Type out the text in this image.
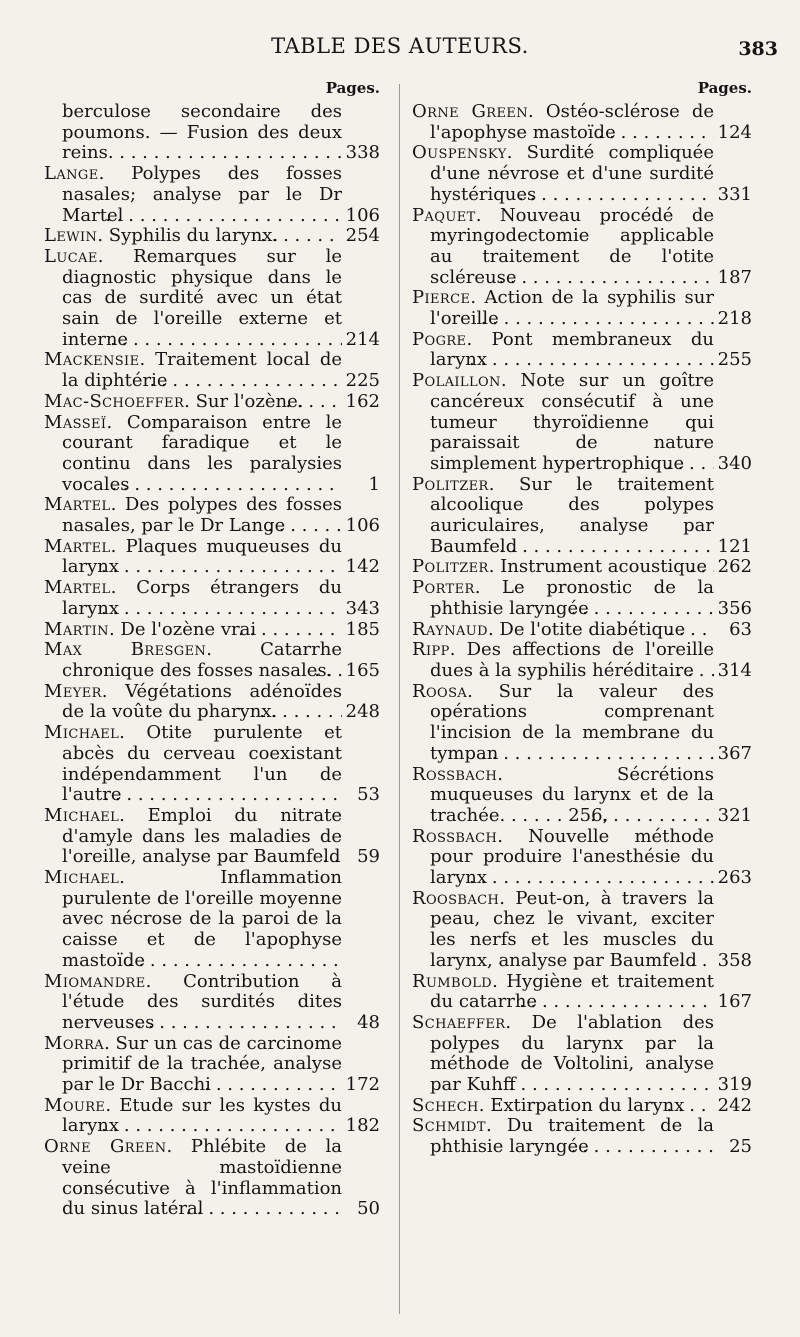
TABLE DES AUTEURS.	383
Pages.
berculose secondaire des poumons. — Fusion des deux reins . . .	338
Lange. Polypes des fosses nasales; analyse par le Dr Martel . . .	106
Lewin. Syphilis du larynx. . . .	254
Lucae. Remarques sur le diagnostic physique dans le cas de surdité avec un état sain de l'oreille externe et interne . . .	214
Mackensie. Traitement local de la diphtérie . . .	225
Mac-Schoeffer. Sur l'ozène. . . .	162
Masseï. Comparaison entre le courant faradique et le continu dans les paralysies vocales . . .	1
Martel. Des polypes des fosses nasales, par le Dr Lange . . .	106
Martel. Plaques muqueuses du larynx . . .	142
Martel. Corps étrangers du larynx . . .	343
Martin. De l'ozène vrai . . .	185
Max Bresgen. Catarrhe chronique des fosses nasales. . . . 165
Meyer. Végétations adénoïdes de la voûte du pharynx. . . .	248
Michael. Otite purulente et abcès du cerveau coexistant indépendamment l'un de l'autre . . .	53
Michael. Emploi du nitrate d'amyle dans les maladies de l'oreille, analyse par Baumfeld . . . 59
Michael. Inflammation purulente de l'oreille moyenne avec nécrose de la paroi de la caisse et de l'apophyse mastoïde . . .
Miomandre. Contribution à l'étude des surdités dites nerveuses . . .	48
Morra. Sur un cas de carcinome primitif de la trachée, analyse par le Dr Bacchi . . .	172
Moure. Etude sur les kystes du larynx . . .	182
Orne Green. Phlébite de la veine mastoïdienne consécutive à l'inflammation du sinus latéral . . .	50
Pages.
Orne Green. Ostéo-sclérose de l'apophyse mastoïde . . .	124
Ouspensky. Surdité compliquée d'une névrose et d'une surdité hystériques . . .	331
Paquet. Nouveau procédé de myringodectomie applicable au traitement de l'otite scléreuse . . .	187
Pierce. Action de la syphilis sur l'oreille . . .	218
Pogre. Pont membraneux du larynx . . .	255
Polaillon. Note sur un goître cancéreux consécutif à une tumeur thyroïdienne qui paraissait de nature simplement hypertrophique . . .	340
Politzer. Sur le traitement alcoolique des polypes auriculaires, analyse par Baumfeld . . .	121
Politzer. Instrument acoustique . . . 262
Porter. Le pronostic de la phthisie laryngée . . .	356
Raynaud. De l'otite diabétique . . .	63
Ripp. Des affections de l'oreille dues à la syphilis héréditaire . . .	314
Roosa. Sur la valeur des opérations comprenant l'incision de la membrane du tympan . . .	367
Rossbach. Sécrétions muqueuses du larynx et de la trachée. . . . . . 256, . . .	321
Rossbach. Nouvelle méthode pour produire l'anesthésie du larynx . . .	263
Roosbach. Peut-on, à travers la peau, chez le vivant, exciter les nerfs et les muscles du larynx, analyse par Baumfeld . . .	358
Rumbold. Hygiène et traitement du catarrhe . . .	167
Schaeffer. De l'ablation des polypes du larynx par la méthode de Voltolini, analyse par Kuhff . . .	319
Schech. Extirpation du larynx . . .	242
Schmidt. Du traitement de la phthisie laryngée . . .	25
